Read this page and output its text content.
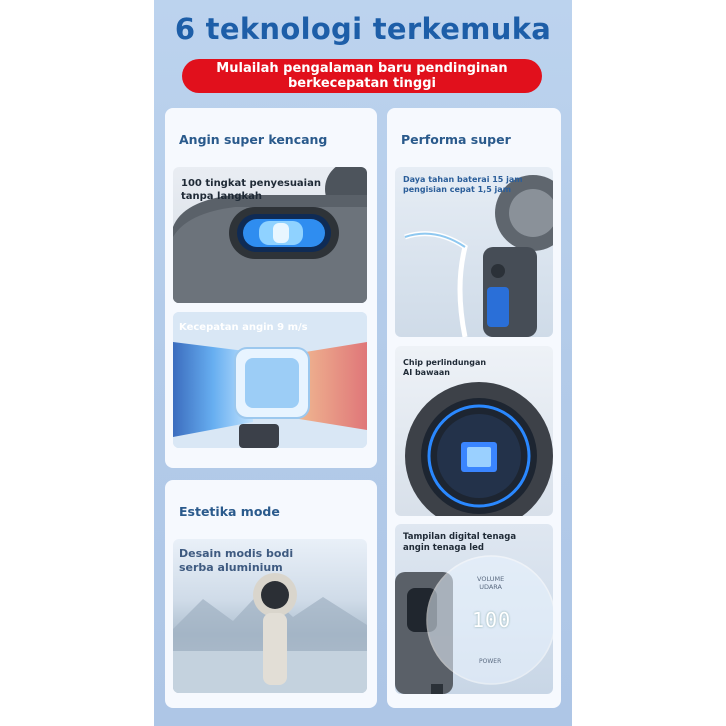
6 teknologi terkemuka
Mulailah pengalaman baru pendinginan
berkecepatan tinggi
Angin super kencang
100 tingkat penyesuaian
tanpa langkah
Kecepatan angin 9 m/s
Performa super
Daya tahan baterai 15 jam
pengisian cepat 1,5 jam
Chip perlindungan
AI bawaan
Tampilan digital tenaga
angin tenaga led
VOLUME
UDARA
100
POWER
Estetika mode
Desain modis bodi
serba aluminium
